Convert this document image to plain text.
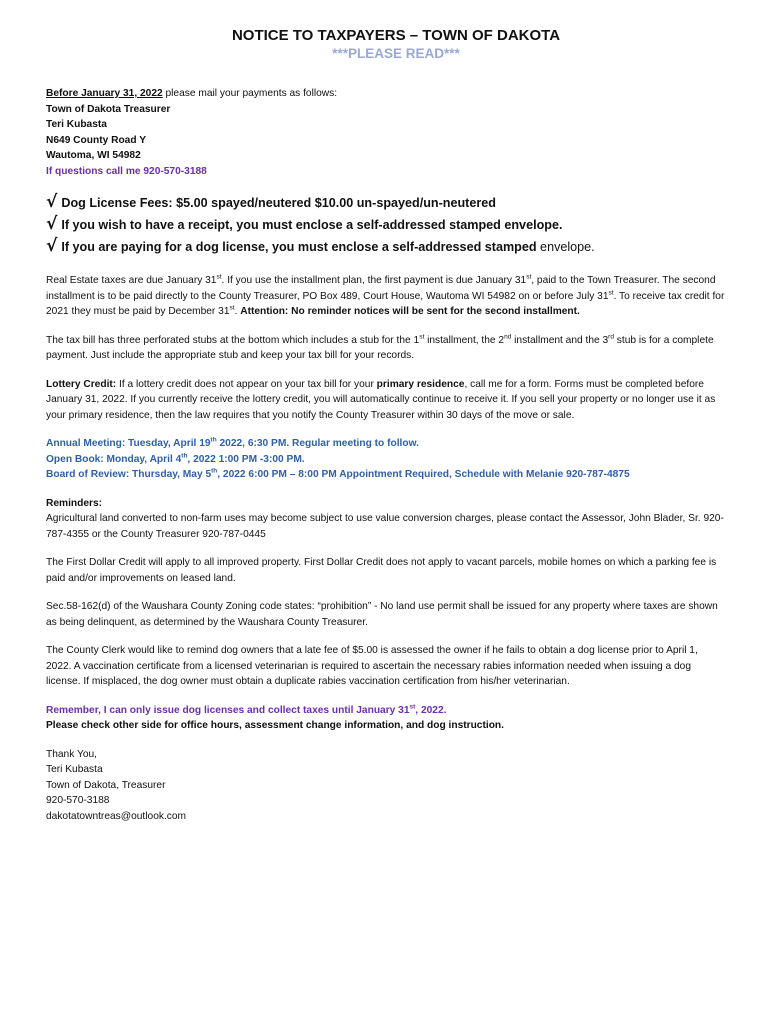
NOTICE TO TAXPAYERS – TOWN OF DAKOTA
***PLEASE READ***

Before January 31, 2022 please mail your payments as follows:

Town of Dakota Treasurer

Teri Kubasta

N649 County Road Y

Wautoma, WI 54982

If questions call me 920-570-3188

√ Dog License Fees: $5.00 spayed/neutered $10.00 un-spayed/un-neutered

√ If you wish to have a receipt, you must enclose a self-addressed stamped envelope.

√ If you are paying for a dog license, you must enclose a self-addressed stamped envelope.

Real Estate taxes are due January 31st. If you use the installment plan, the first payment is due January 31st, paid to the Town Treasurer. The second installment is to be paid directly to the County Treasurer, PO Box 489, Court House, Wautoma WI 54982 on or before July 31st. To receive tax credit for 2021 they must be paid by December 31st. Attention: No reminder notices will be sent for the second installment.

The tax bill has three perforated stubs at the bottom which includes a stub for the 1st installment, the 2nd installment and the 3rd stub is for a complete payment. Just include the appropriate stub and keep your tax bill for your records.

Lottery Credit: If a lottery credit does not appear on your tax bill for your primary residence, call me for a form. Forms must be completed before January 31, 2022. If you currently receive the lottery credit, you will automatically continue to receive it. If you sell your property or no longer use it as your primary residence, then the law requires that you notify the County Treasurer within 30 days of the move or sale.

Annual Meeting: Tuesday, April 19th 2022, 6:30 PM. Regular meeting to follow.

Open Book: Monday, April 4th, 2022 1:00 PM -3:00 PM.

Board of Review: Thursday, May 5th, 2022 6:00 PM – 8:00 PM Appointment Required, Schedule with Melanie 920-787-4875

Reminders:

Agricultural land converted to non-farm uses may become subject to use value conversion charges, please contact the Assessor, John Blader, Sr. 920-787-4355 or the County Treasurer 920-787-0445

The First Dollar Credit will apply to all improved property. First Dollar Credit does not apply to vacant parcels, mobile homes on which a parking fee is paid and/or improvements on leased land.

Sec.58-162(d) of the Waushara County Zoning code states: “prohibition” - No land use permit shall be issued for any property where taxes are shown as being delinquent, as determined by the Waushara County Treasurer.

The County Clerk would like to remind dog owners that a late fee of $5.00 is assessed the owner if he fails to obtain a dog license prior to April 1, 2022. A vaccination certificate from a licensed veterinarian is required to ascertain the necessary rabies information needed when issuing a dog license. If misplaced, the dog owner must obtain a duplicate rabies vaccination certification from his/her veterinarian.

Remember, I can only issue dog licenses and collect taxes until January 31st, 2022.

Please check other side for office hours, assessment change information, and dog instruction.

Thank You,

Teri Kubasta

Town of Dakota, Treasurer

920-570-3188

dakotatowntreas@outlook.com
